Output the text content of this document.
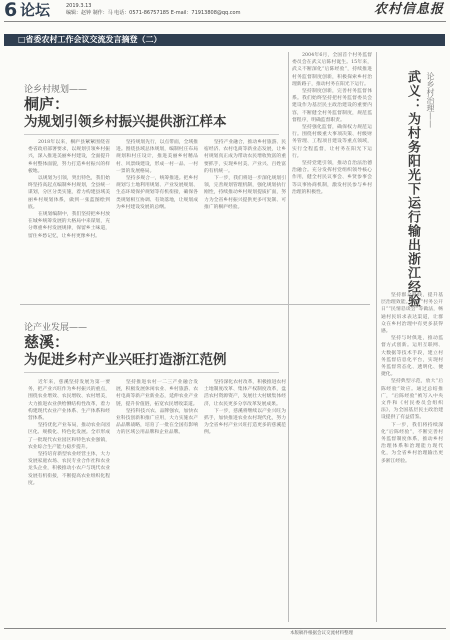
6 论坛	2019.3.13
编辑：赵钟 制作：马 电话：0571-86757185 E-mail：71913808@qq.com	农村信息报
□省委农村工作会议交流发言摘登（二）
论乡村规划——
桐庐：
为规划引领乡村振兴提供浙江样本

2018年以来，桐庐县紧紧围绕省委省政府部署要求，以规划引领乡村振兴，深入推进美丽乡村建设，全面提升乡村整体面貌，努力打造乡村振兴的样板地。

以规划为引领，突出特色，我们始终坚持高起点编制乡村规划，全县统一谋划，分区分类实施，着力构建县域美丽乡村规划体系，做到一张蓝图绘到底。

在规划编制中，我们坚持把乡村放在城乡统筹发展的大格局中来谋划，充分尊重乡村发展规律，保留乡土味道，留住乡愁记忆，让乡村更像乡村。

坚持规划先行，以点带面，全域推进。围绕县域总体规划，编制村庄布局规划和村庄设计，推进美丽乡村精品村、风景线建设，形成一村一品、一村一景的发展格局。

坚持多规合一，统筹推进。把乡村规划与土地利用规划、产业发展规划、生态环境保护规划等有机衔接，确保各类规划相互协调、有效落地，让规划成为乡村建设发展的总纲。

坚持产业融合，推动乡村旅游、民宿经济、农村电商等新业态发展，让乡村规划真正成为带动农民增收致富的重要抓手，实现乡村美、产业兴、百姓富的有机统一。

下一步，我们将进一步深化规划引领，完善规划管理机制，强化规划执行刚性，持续推动乡村规划提质扩面，努力为全省乡村振兴提供更多可复制、可推广的桐庐经验。

论产业发展——
慈溪：
为促进乡村产业兴旺打造浙江范例

近年来，慈溪坚持发展为第一要务，把产业兴旺作为乡村振兴的重点，围绕农业增效、农民增收、农村增美，大力推进农业供给侧结构性改革，着力构建现代农业产业体系、生产体系和经营体系。

坚持优化产业布局，推动农业向园区化、规模化、特色化发展。全市形成了一批现代农业园区和特色农业强镇，农业综合生产能力稳步提升。

坚持培育新型农业经营主体，大力发展家庭农场、农民专业合作社和农业龙头企业，积极推动小农户与现代农业发展有机衔接，不断提高农业组织化程度。

坚持推进农村一二三产业融合发展，积极发展休闲农业、乡村旅游、农村电商等新产业新业态，延伸农业产业链，提升价值链，拓宽农民增收渠道。

坚持科技兴农、品牌强农，加快农业科技创新和推广应用，大力实施农产品品牌战略，培育了一批在全国有影响力的区域公用品牌和企业品牌。

坚持深化农村改革，积极推进农村土地制度改革、集体产权制度改革，盘活农村资源资产，发展壮大村级集体经济，让农民更多分享改革发展成果。

下一步，慈溪将继续以产业兴旺为抓手，加快推进农业农村现代化，努力为全省乡村产业兴旺打造更多的慈溪范例。

论乡村治理——
武义：为村务阳光下运行输出浙江经验

2004年6月，全国首个村务监督委员会在武义后陈村诞生。15年来，武义不断深化“后陈经验”，持续推进村务监督制度创新，积极探索乡村治理新路子，推动村务在阳光下运行。

坚持制度创新，完善村务监督体系。我们始终坚持把村务监督委员会建设作为基层民主政治建设的重要内容，不断健全村务监督制度，规范监督程序，明确监督职责。

坚持强化监督，确保权力规范运行。围绕村级重大事项决策、村级财务管理、工程项目建设等重点领域，实行全程监督，让村务在阳光下运行。

坚持党建引领，推动自治法治德治融合。充分发挥村党组织领导核心作用，健全村民议事会、乡贤参事会等议事协商机制，激发村民参与乡村治理的积极性。

坚持群众路线，提升基层治理效能。推行“村务公开日”“民情恳谈会”等做法，畅通村民诉求表达渠道，让群众在乡村治理中有更多获得感。

坚持与时俱进，推动监督方式创新。运用互联网、大数据等技术手段，建立村务监督信息化平台，实现村务监督常态化、透明化、便捷化。

坚持典型示范，放大“后陈经验”效应。通过总结推广，“后陈经验”被写入中央文件和《村民委员会组织法》，为全国基层民主政治建设提供了有益借鉴。

下一步，我们将持续深化“后陈经验”，不断完善村务监督制度体系，推动乡村治理体系和治理能力现代化，为全省乡村治理输出更多浙江经验。

本版稿件根据会议交流材料整理
